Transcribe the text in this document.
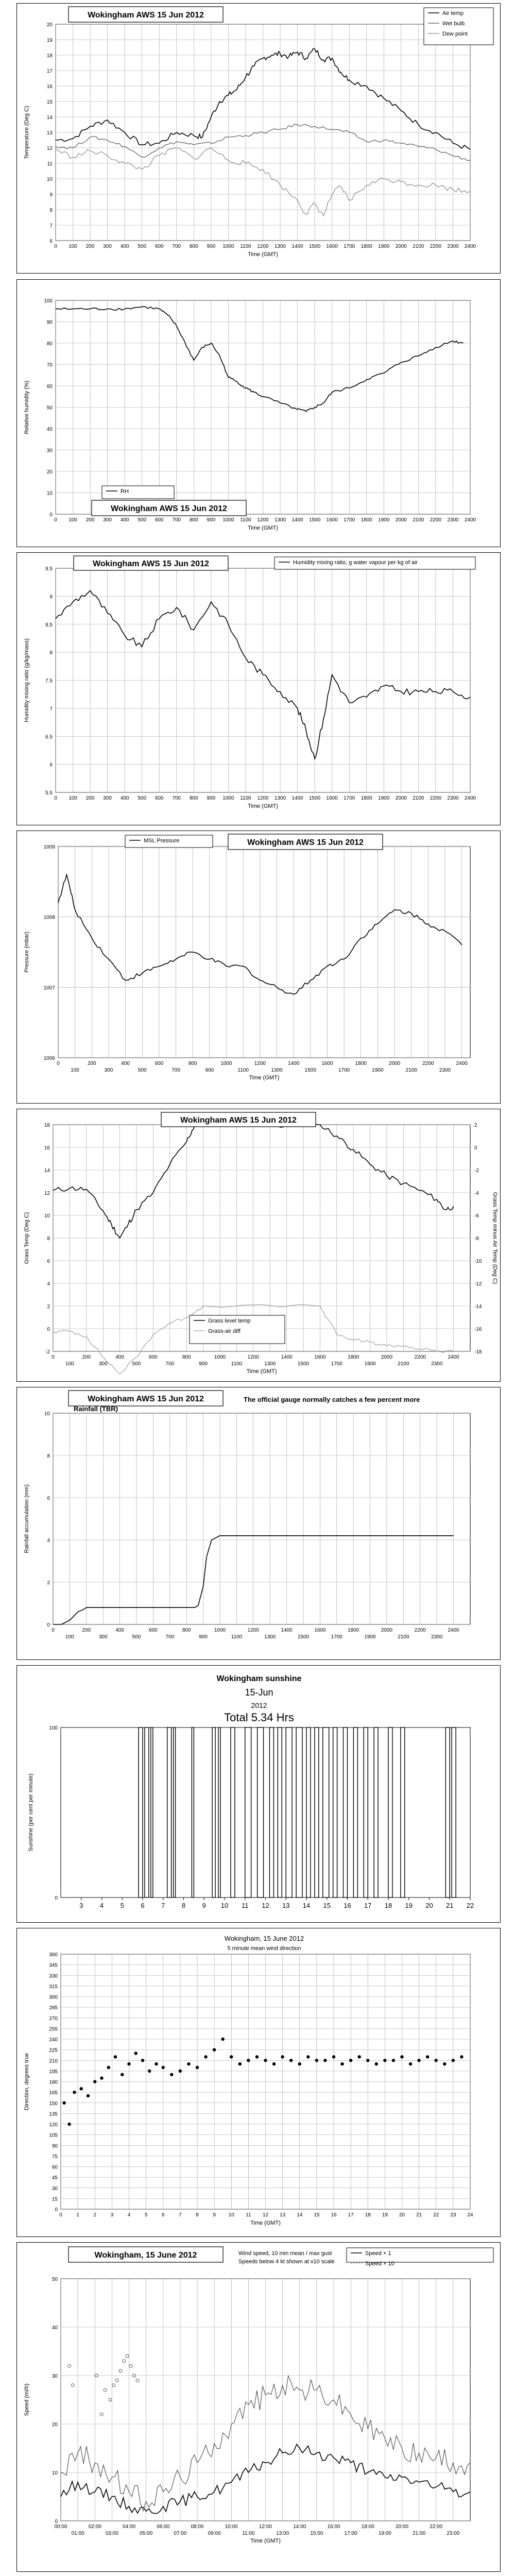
6
7
8
9
10
11
12
13
14
15
16
17
18
19
20
0 100 200 300 400 500 600 700 800 900 1000 1100 1200 1300 1400 1500 1600 1700 1800 1900 2000 2100 2200 2300 2400
Time (GMT)
Temperature (Deg C)
Air temp
Wet bulb
Dew point
Wokingham AWS 15 Jun 2012
0
10
20
30
40
50
60
70
80
90
100
0 100 200 300 400 500 600 700 800 900 1000 1100 1200 1300 1400 1500 1600 1700 1800 1900 2000 2100 2200 2300 2400
Time (GMT)
Relative humidity (%)
RH
Wokingham AWS 15 Jun 2012
5.5
6
6.5
7
7.5
8
8.5
9
9.5
0 100 200 300 400 500 600 700 800 900 1000 1100 1200 1300 1400 1500 1600 1700 1800 1900 2000 2100 2200 2300 2400
Time (GMT)
Humidity mixing ratio (g/kg/mass)
Humidity mixing ratio, g water vapour per kg of air
Wokingham AWS 15 Jun 2012
1006
1007
1008
1009
0	200	400	600	800	1000	1200	1400	1600	1800	2000	2200	2400
100	300	500	700	900	1100	1300	1500	1700	1900	2100	2300
Time (GMT)
Pressure (mbar)
MSL Pressure	Wokingham AWS 15 Jun 2012
-2
0
2
4
6
8
10
12
14
16
18
0	200	400	600	800	1000	1200	1400	1600	1800	2000	2200	2400
100	300	500	700	900	1100	1300	1500	1700	1900	2100	2300
Time (GMT)
Grass Temp (Deg C)
-18
-16
-14
-12
-10
-8
-6
-4
-2
0
2
Grass Temp minus Air Temp (Deg C)
Grass level temp
Grass-air diff
Wokingham AWS 15 Jun 2012
0
2
4
6
8
10
0	200	400	600	800	1000	1200	1400	1600	1800	2000	2200	2400
100	300	500	700	900	1100	1300	1500	1700	1900	2100	2300
Rainfall accumulation (mm)
Wokingham AWS 15 Jun 2012
Rainfall (TBR)
The official gauge normally catches a few percent more
0
100
3	4	5	6	7	8	9 10 11 12 13 14 15 16 17 18 19 20 21 22
Sunshine (per cent per minute)
Wokingham sunshine
15-Jun
2012
Total 5.34 Hrs
0
15
30
45
60
75
90
105
120
135
150
165
180
195
210
225
240
255
270
285
300
315
330
345
360
0	1	2	3	4	5	6	7	8	9 10 11 12 13 14 15 16 17 18 19 20 21 22 23 24
Time (GMT)
Direction, degrees true
Wokingham, 15 June 2012
5 minute mean wind direction
0
10
20
30
40
50
00:00	02:00	04:00	06:00	08:00	10:00	12:00	14:00	16:00	18:00	20:00	22:00
01:00	03:00	05:00	07:00	09:00	11:00	13:00	15:00	17:00	19:00	21:00	23:00
Time (GMT)
Speed (mi/h)
Speed × 1
Speed × 10
Wokingham, 15 June 2012	Wind speed, 10 min mean / max gust
Speeds below 4 kt shown at x10 scale
